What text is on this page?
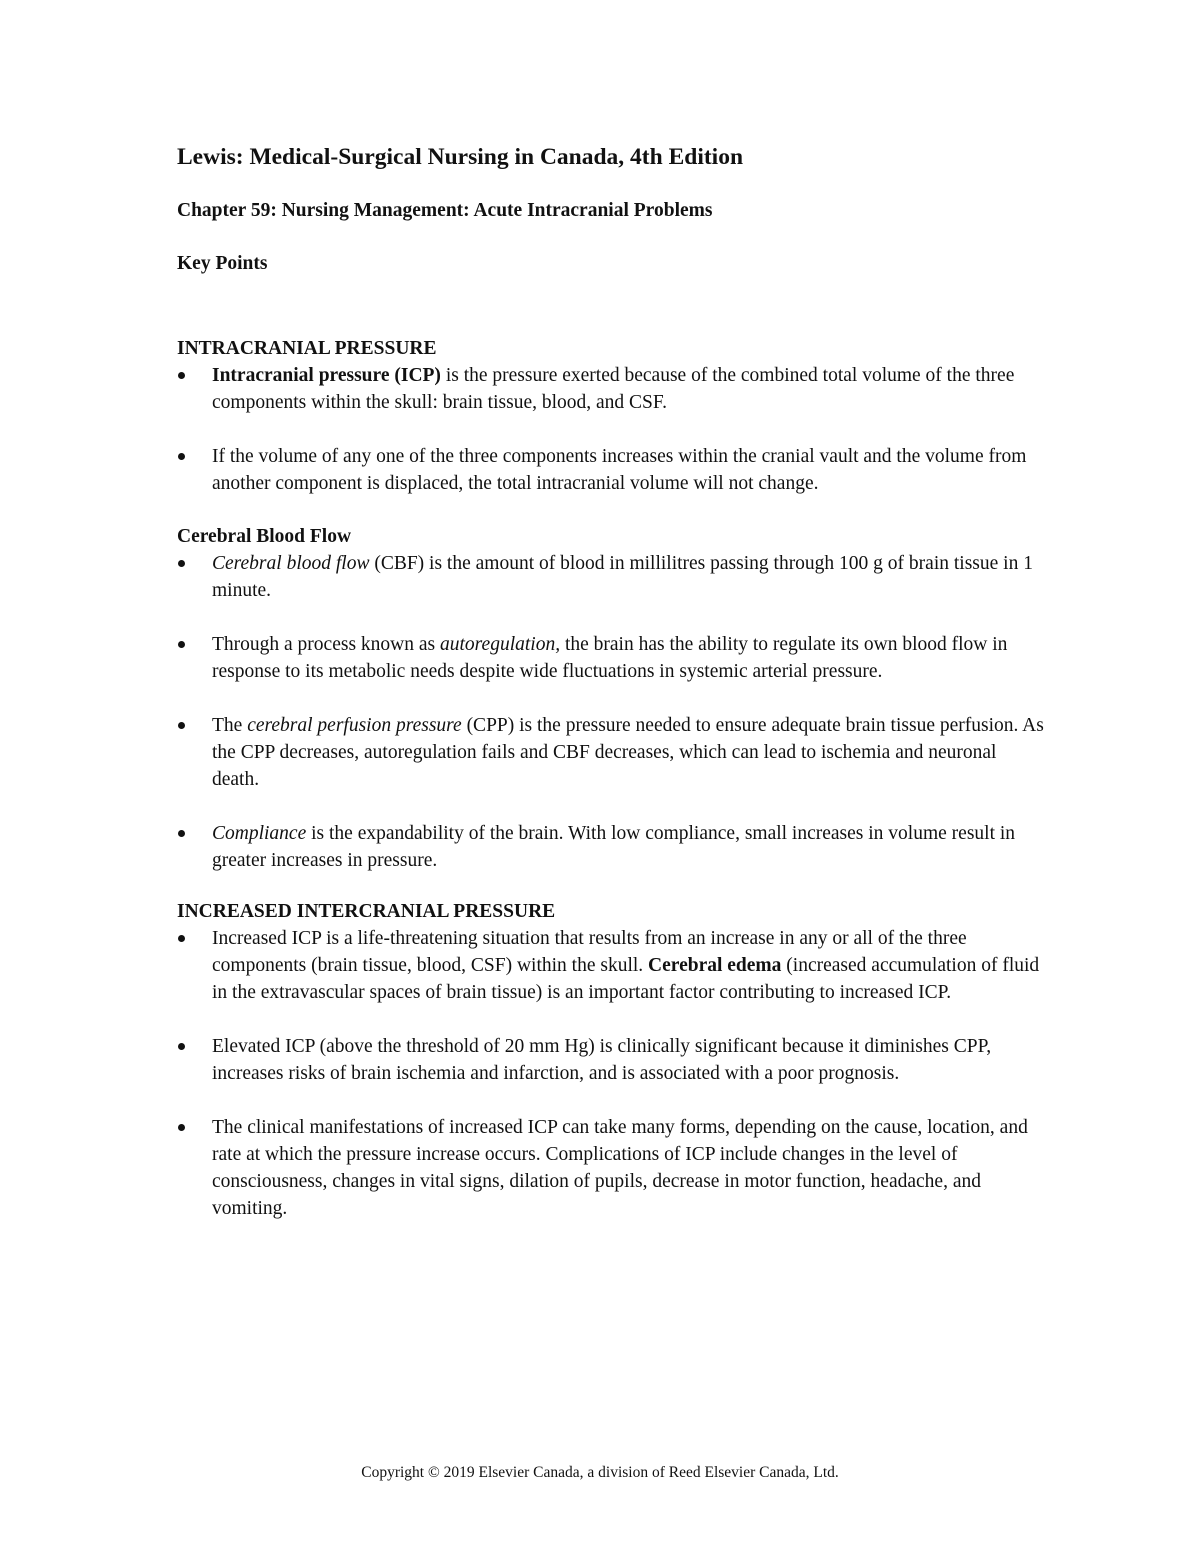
Lewis: Medical-Surgical Nursing in Canada, 4th Edition
Chapter 59: Nursing Management: Acute Intracranial Problems
Key Points
INTRACRANIAL PRESSURE
Intracranial pressure (ICP) is the pressure exerted because of the combined total volume of the three components within the skull: brain tissue, blood, and CSF.
If the volume of any one of the three components increases within the cranial vault and the volume from another component is displaced, the total intracranial volume will not change.
Cerebral Blood Flow
Cerebral blood flow (CBF) is the amount of blood in millilitres passing through 100 g of brain tissue in 1 minute.
Through a process known as autoregulation, the brain has the ability to regulate its own blood flow in response to its metabolic needs despite wide fluctuations in systemic arterial pressure.
The cerebral perfusion pressure (CPP) is the pressure needed to ensure adequate brain tissue perfusion. As the CPP decreases, autoregulation fails and CBF decreases, which can lead to ischemia and neuronal death.
Compliance is the expandability of the brain. With low compliance, small increases in volume result in greater increases in pressure.
INCREASED INTERCRANIAL PRESSURE
Increased ICP is a life-threatening situation that results from an increase in any or all of the three components (brain tissue, blood, CSF) within the skull. Cerebral edema (increased accumulation of fluid in the extravascular spaces of brain tissue) is an important factor contributing to increased ICP.
Elevated ICP (above the threshold of 20 mm Hg) is clinically significant because it diminishes CPP, increases risks of brain ischemia and infarction, and is associated with a poor prognosis.
The clinical manifestations of increased ICP can take many forms, depending on the cause, location, and rate at which the pressure increase occurs. Complications of ICP include changes in the level of consciousness, changes in vital signs, dilation of pupils, decrease in motor function, headache, and vomiting.
Copyright © 2019 Elsevier Canada, a division of Reed Elsevier Canada, Ltd.
